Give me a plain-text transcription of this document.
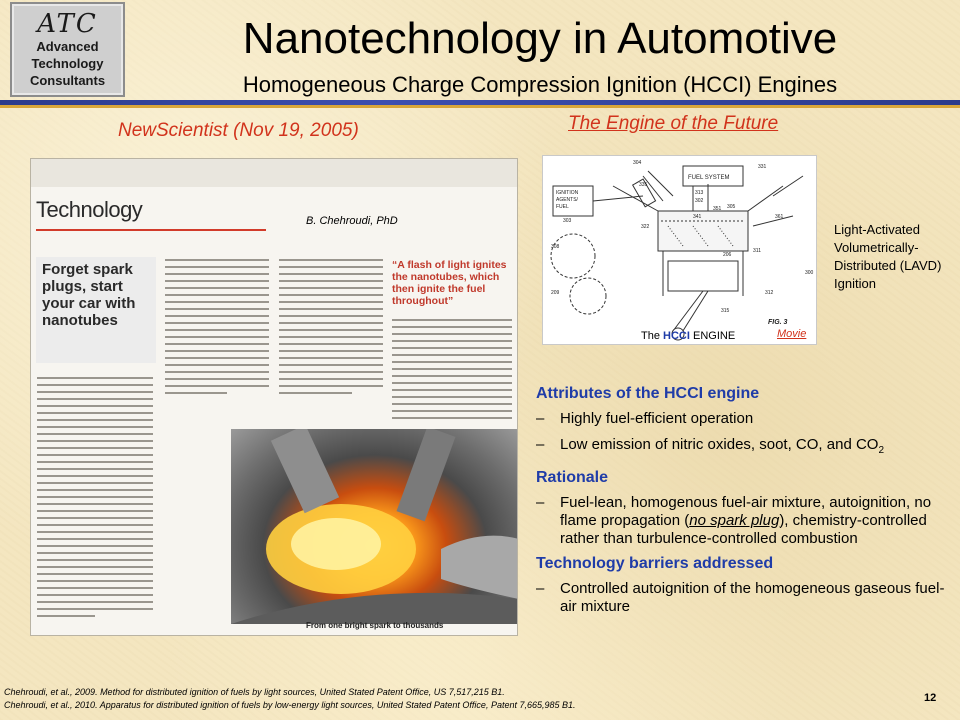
ATC
Advanced
Technology
Consultants
Nanotechnology in Automotive
Homogeneous Charge Compression Ignition (HCCI) Engines
NewScientist (Nov 19, 2005)	The Engine of the Future
Technology	B. Chehroudi, PhD
Forget spark plugs, start your car with nanotubes
“A flash of light ignites the nanotubes, which then ignite the fuel throughout”
From one bright spark to thousands
FUEL SYSTEM
IGNITION
AGENTS/
FUEL
FIG. 3
304
331
335
313
302
351 305
341
322
303
361
308
206
311
300
209	312
315
The HCCI ENGINE	Movie
Light-Activated Volumetrically-Distributed (LAVD) Ignition
Attributes of the HCCI engine
– Highly fuel-efficient operation
– Low emission of nitric oxides, soot, CO, and $CO_2$
Rationale
– Fuel-lean, homogenous fuel-air mixture, autoignition, no flame propagation (no spark plug), chemistry-controlled rather than turbulence-controlled combustion
Technology barriers addressed
– Controlled autoignition of the homogeneous gaseous fuel-air mixture
Chehroudi, et al., 2009. Method for distributed ignition of fuels by light sources, United Stated Patent Office, US 7,517,215 B1.
Chehroudi, et al., 2010. Apparatus for distributed ignition of fuels by low-energy light sources, United Stated Patent Office, Patent 7,665,985 B1.
12
